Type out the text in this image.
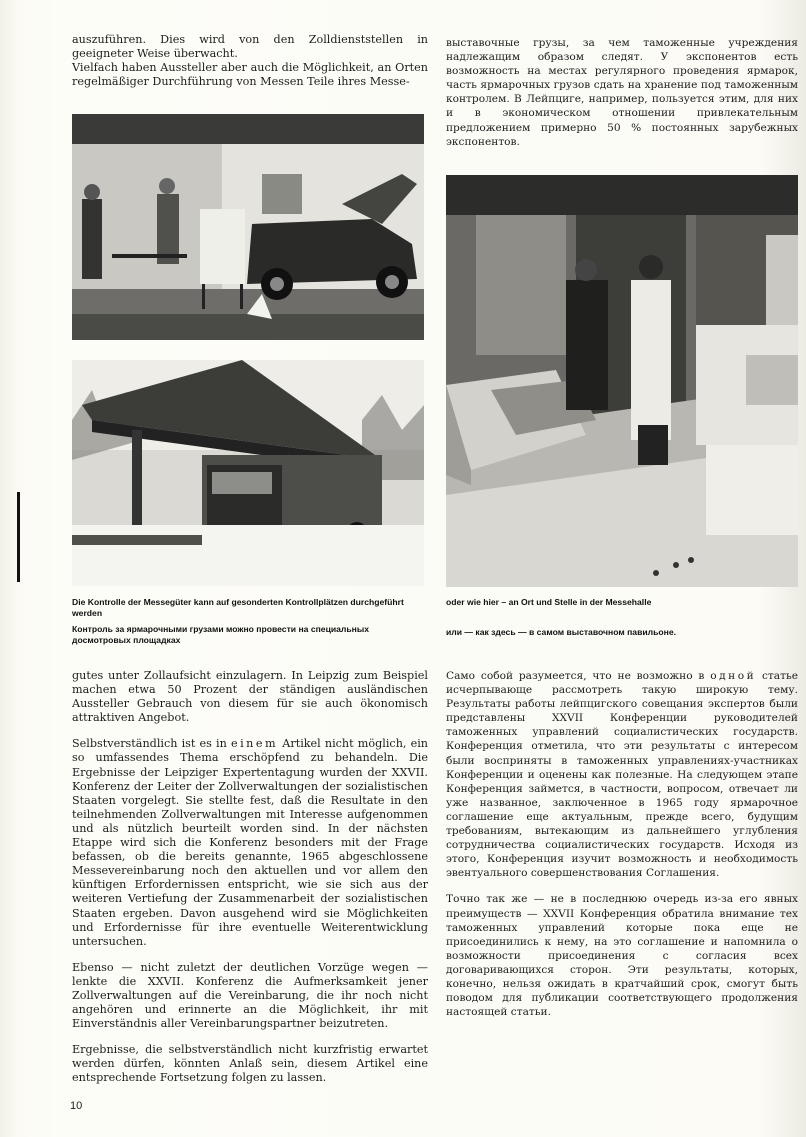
auszuführen. Dies wird von den Zolldienststellen in geeigneter Weise überwacht.

Vielfach haben Aussteller aber auch die Möglichkeit, an Orten regelmäßiger Durchführung von Messen Teile ihres Messe-

выставочные грузы, за чем таможенные учреждения надлежащим образом следят. У экспонентов есть возможность на местах регулярного проведения ярмарок, часть ярмарочных грузов сдать на хранение под таможенным контролем. В Лейпциге, например, пользуется этим, для них и в экономическом отношении привлекательным предложением примерно 50 % постоянных зарубежных экспонентов.

Die Kontrolle der Messegüter kann auf gesonderten Kontrollplätzen durchgeführt werden
Контроль за ярмарочными грузами можно провести на специальных досмотровых площадках
oder wie hier – an Ort und Stelle in der Messehalle
или — как здесь — в самом выставочном павильоне.

gutes unter Zollaufsicht einzulagern. In Leipzig zum Beispiel machen etwa 50 Prozent der ständigen ausländischen Aussteller Gebrauch von diesem für sie auch ökonomisch attraktiven Angebot.

Selbstverständlich ist es in einem Artikel nicht möglich, ein so umfassendes Thema erschöpfend zu behandeln. Die Ergebnisse der Leipziger Expertentagung wurden der XXVII. Konferenz der Leiter der Zollverwaltungen der sozialistischen Staaten vorgelegt. Sie stellte fest, daß die Resultate in den teilnehmenden Zollverwaltungen mit Interesse aufgenommen und als nützlich beurteilt worden sind. In der nächsten Etappe wird sich die Konferenz besonders mit der Frage befassen, ob die bereits genannte, 1965 abgeschlossene Messevereinbarung noch den aktuellen und vor allem den künftigen Erfordernissen entspricht, wie sie sich aus der weiteren Vertiefung der Zusammenarbeit der sozialistischen Staaten ergeben. Davon ausgehend wird sie Möglichkeiten und Erfordernisse für ihre eventuelle Weiterentwicklung untersuchen.

Ebenso — nicht zuletzt der deutlichen Vorzüge wegen — lenkte die XXVII. Konferenz die Aufmerksamkeit jener Zollverwaltungen auf die Vereinbarung, die ihr noch nicht angehören und erinnerte an die Möglichkeit, ihr mit Einverständnis aller Vereinbarungspartner beizutreten.

Ergebnisse, die selbstverständlich nicht kurzfristig erwartet werden dürfen, könnten Anlaß sein, diesem Artikel eine entsprechende Fortsetzung folgen zu lassen.

Само собой разумеется, что не возможно в одной статье исчерпывающе рассмотреть такую широкую тему. Результаты работы лейпцигского совещания экспертов были представлены XXVII Конференции руководителей таможенных управлений социалистических государств. Конференция отметила, что эти результаты с интересом были восприняты в таможенных управлениях-участниках Конференции и оценены как полезные. На следующем этапе Конференция займется, в частности, вопросом, отвечает ли уже названное, заключенное в 1965 году ярмарочное соглашение еще актуальным, прежде всего, будущим требованиям, вытекающим из дальнейшего углубления сотрудничества социалистических государств. Исходя из этого, Конференция изучит возможность и необходимость эвентуального совершенствования Соглашения.

Точно так же — не в последнюю очередь из-за его явных преимуществ — XXVII Конференция обратила внимание тех таможенных управлений которые пока еще не присоединились к нему, на это соглашение и напомнила о возможности присоединения с согласия всех договаривающихся сторон. Эти результаты, которых, конечно, нельзя ожидать в кратчайший срок, смогут быть поводом для публикации соответствующего продолжения настоящей статьи.

10
